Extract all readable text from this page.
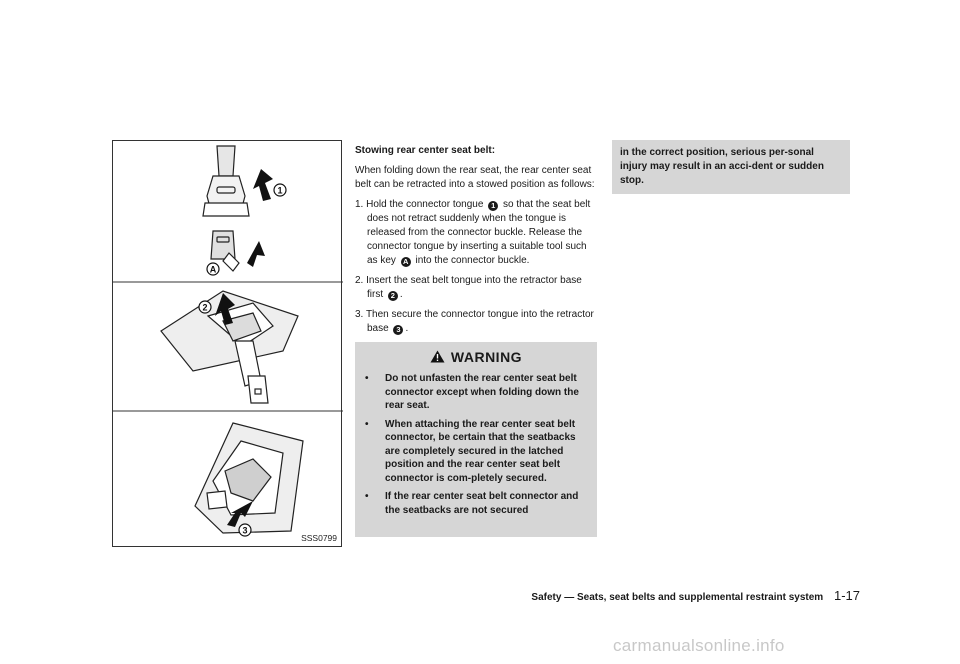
1
A
2
3
SSS0799
Stowing rear center seat belt:

When folding down the rear seat, the rear center seat belt can be retracted into a stowed position as follows:

1. Hold the connector tongue 1 so that the seat belt does not retract suddenly when the tongue is released from the connector buckle. Release the connector tongue by inserting a suitable tool such as key A into the connector buckle.
2. Insert the seat belt tongue into the retractor base first 2 .
3. Then secure the connector tongue into the retractor base 3 .
WARNING
• Do not unfasten the rear center seat belt connector except when folding down the rear seat.
• When attaching the rear center seat belt connector, be certain that the seatbacks are completely secured in the latched position and the rear center seat belt connector is com-pletely secured.
• If the rear center seat belt connector and the seatbacks are not secured
in the correct position, serious per-sonal injury may result in an acci-dent or sudden stop.
Safety — Seats, seat belts and supplemental restraint system 1-17
carmanualsonline.info
